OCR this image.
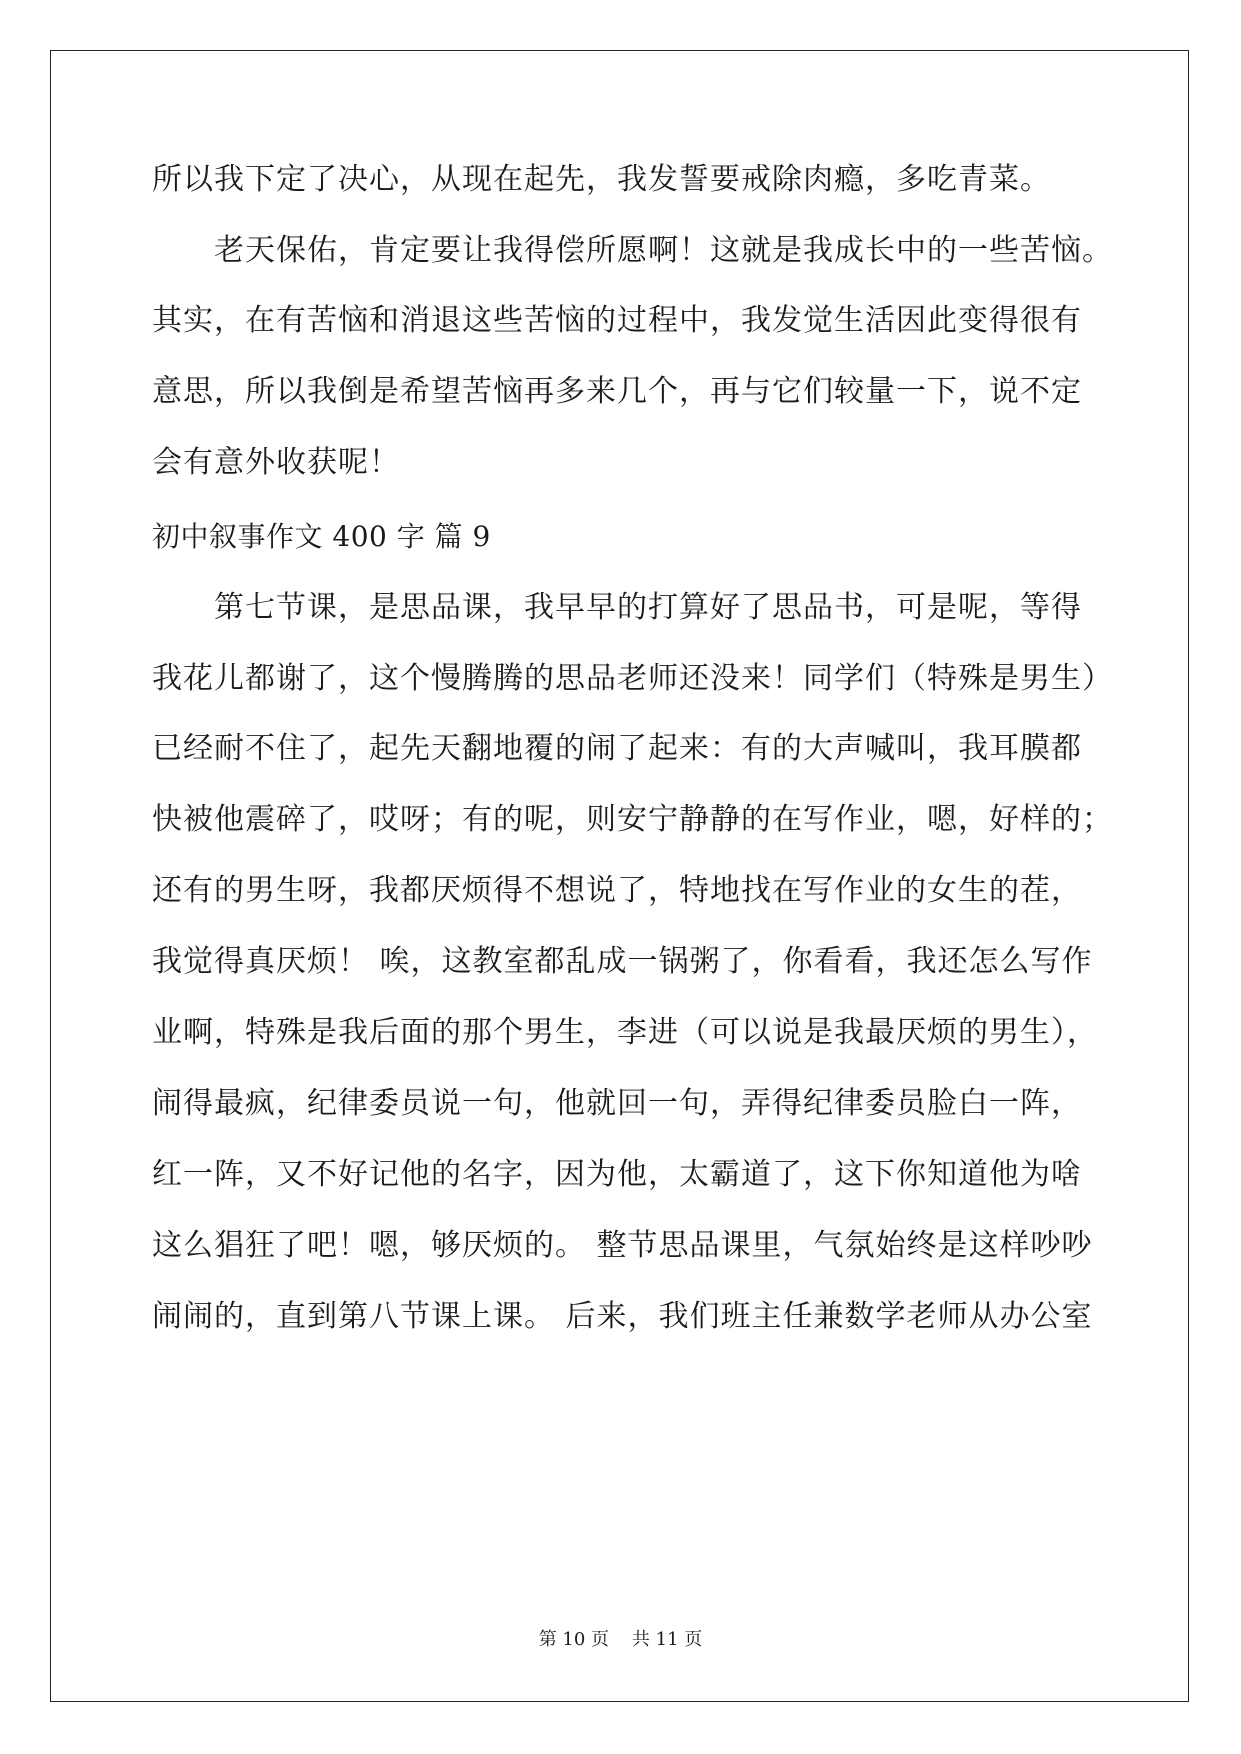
所以我下定了决心，从现在起先，我发誓要戒除肉瘾，多吃青菜。
老天保佑，肯定要让我得偿所愿啊！这就是我成长中的一些苦恼。
其实，在有苦恼和消退这些苦恼的过程中，我发觉生活因此变得很有
意思，所以我倒是希望苦恼再多来几个，再与它们较量一下，说不定
会有意外收获呢！
初中叙事作文 400 字 篇 9
第七节课，是思品课，我早早的打算好了思品书，可是呢，等得
我花儿都谢了，这个慢腾腾的思品老师还没来！同学们（特殊是男生）
已经耐不住了，起先天翻地覆的闹了起来：有的大声喊叫，我耳膜都
快被他震碎了，哎呀；有的呢，则安宁静静的在写作业，嗯，好样的；
还有的男生呀，我都厌烦得不想说了，特地找在写作业的女生的茬，
我觉得真厌烦！ 唉，这教室都乱成一锅粥了，你看看，我还怎么写作
业啊，特殊是我后面的那个男生，李进（可以说是我最厌烦的男生），
闹得最疯，纪律委员说一句，他就回一句，弄得纪律委员脸白一阵，
红一阵，又不好记他的名字，因为他，太霸道了，这下你知道他为啥
这么猖狂了吧！嗯，够厌烦的。 整节思品课里，气氛始终是这样吵吵
闹闹的，直到第八节课上课。 后来，我们班主任兼数学老师从办公室
第 10 页    共 11 页
